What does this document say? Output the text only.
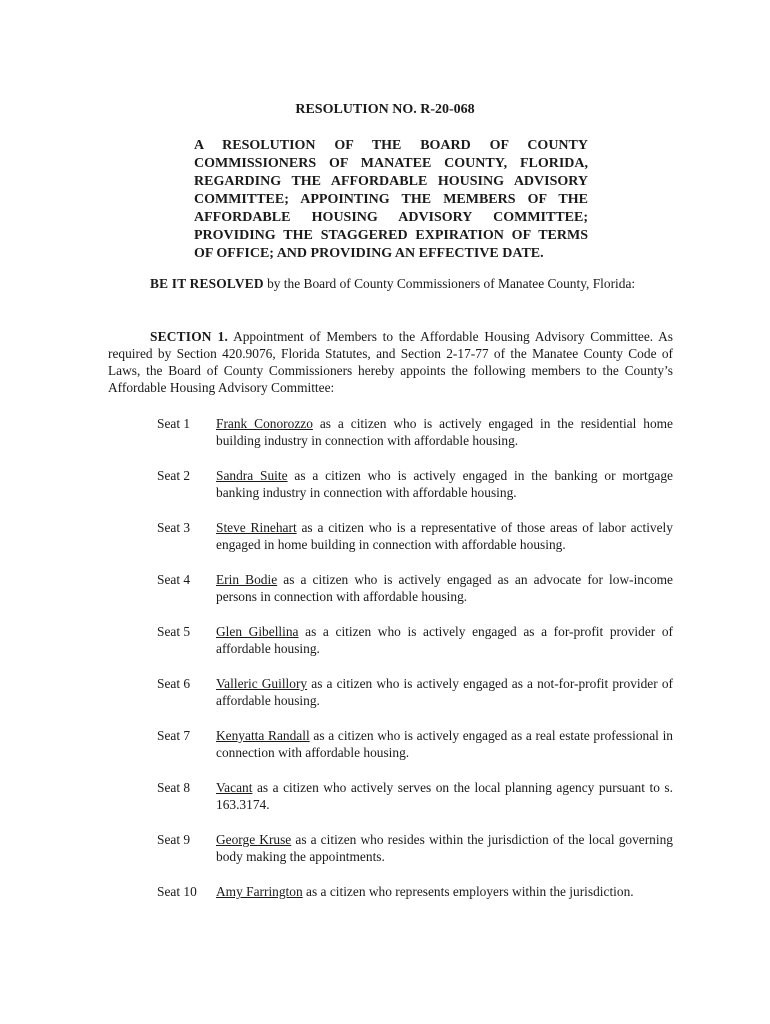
RESOLUTION NO. R-20-068
A RESOLUTION OF THE BOARD OF COUNTY COMMISSIONERS OF MANATEE COUNTY, FLORIDA, REGARDING THE AFFORDABLE HOUSING ADVISORY COMMITTEE; APPOINTING THE MEMBERS OF THE AFFORDABLE HOUSING ADVISORY COMMITTEE; PROVIDING THE STAGGERED EXPIRATION OF TERMS OF OFFICE; AND PROVIDING AN EFFECTIVE DATE.
BE IT RESOLVED by the Board of County Commissioners of Manatee County, Florida:
SECTION 1. Appointment of Members to the Affordable Housing Advisory Committee. As required by Section 420.9076, Florida Statutes, and Section 2-17-77 of the Manatee County Code of Laws, the Board of County Commissioners hereby appoints the following members to the County’s Affordable Housing Advisory Committee:
Seat 1	Frank Conorozzo as a citizen who is actively engaged in the residential home building industry in connection with affordable housing.
Seat 2	Sandra Suite as a citizen who is actively engaged in the banking or mortgage banking industry in connection with affordable housing.
Seat 3	Steve Rinehart as a citizen who is a representative of those areas of labor actively engaged in home building in connection with affordable housing.
Seat 4	Erin Bodie as a citizen who is actively engaged as an advocate for low-income persons in connection with affordable housing.
Seat 5	Glen Gibellina as a citizen who is actively engaged as a for-profit provider of affordable housing.
Seat 6	Valleric Guillory as a citizen who is actively engaged as a not-for-profit provider of affordable housing.
Seat 7	Kenyatta Randall as a citizen who is actively engaged as a real estate professional in connection with affordable housing.
Seat 8	Vacant as a citizen who actively serves on the local planning agency pursuant to s. 163.3174.
Seat 9	George Kruse as a citizen who resides within the jurisdiction of the local governing body making the appointments.
Seat 10	Amy Farrington as a citizen who represents employers within the jurisdiction.
